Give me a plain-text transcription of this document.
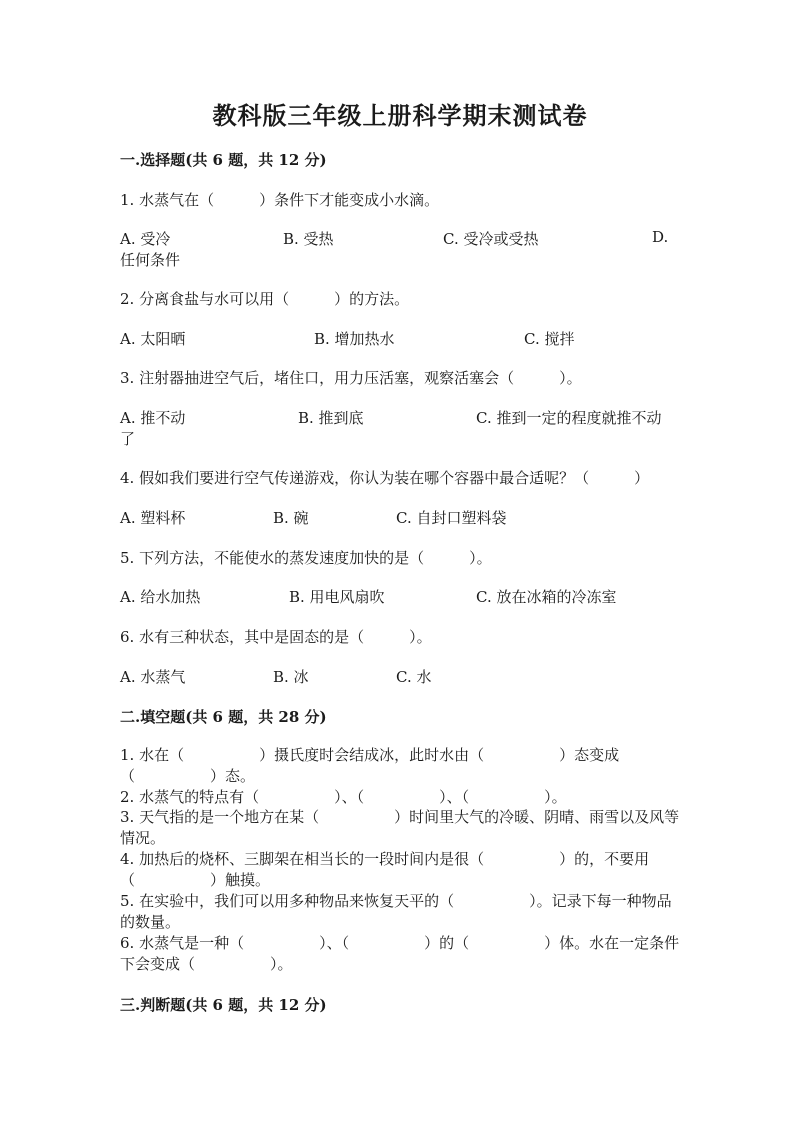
教科版三年级上册科学期末测试卷
一.选择题(共 6 题，共 12 分)
1. 水蒸气在（　　　）条件下才能变成小水滴。
A. 受冷	B. 受热	C. 受冷或受热	D.
任何条件
2. 分离食盐与水可以用（　　　）的方法。
A. 太阳晒	B. 增加热水	C. 搅拌
3. 注射器抽进空气后，堵住口，用力压活塞，观察活塞会（　　　）。
A. 推不动	B. 推到底	C. 推到一定的程度就推不动
了
4. 假如我们要进行空气传递游戏，你认为装在哪个容器中最合适呢？（　　　）
A. 塑料杯	B. 碗	C. 自封口塑料袋
5. 下列方法，不能使水的蒸发速度加快的是（　　　）。
A. 给水加热	B. 用电风扇吹	C. 放在冰箱的冷冻室
6. 水有三种状态，其中是固态的是（　　　）。
A. 水蒸气	B. 冰	C. 水
二.填空题(共 6 题，共 28 分)
1. 水在（　　　　　）摄氏度时会结成冰，此时水由（　　　　　）态变成（　　　　　）态。
2. 水蒸气的特点有（　　　　　）、（　　　　　）、（　　　　　）。
3. 天气指的是一个地方在某（　　　　　）时间里大气的冷暖、阴晴、雨雪以及风等情况。
4. 加热后的烧杯、三脚架在相当长的一段时间内是很（　　　　　）的，不要用（　　　　　）触摸。
5. 在实验中，我们可以用多种物品来恢复天平的（　　　　　）。记录下每一种物品的数量。
6. 水蒸气是一种（　　　　　）、（　　　　　）的（　　　　　）体。水在一定条件下会变成（　　　　　）。
三.判断题(共 6 题，共 12 分)
